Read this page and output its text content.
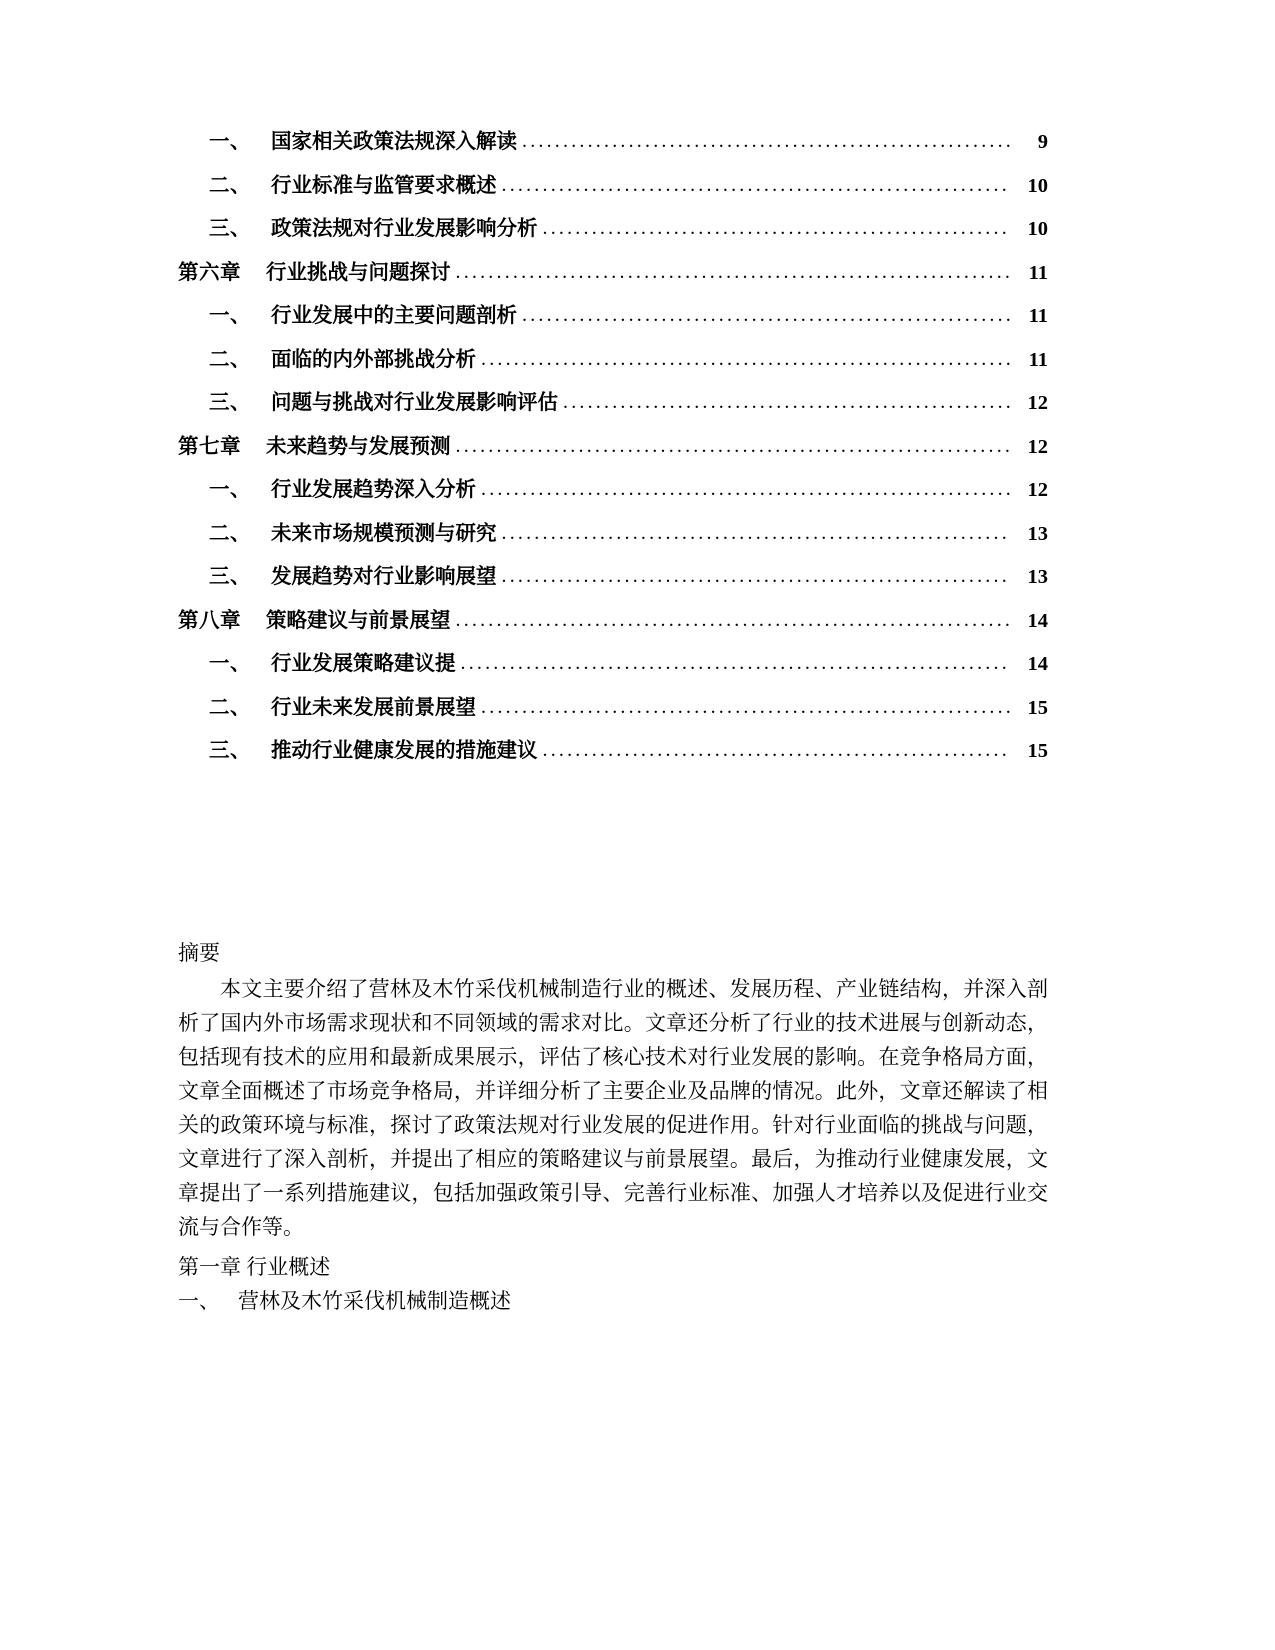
一、 国家相关政策法规深入解读 .....	9
二、 行业标准与监管要求概述 .....	10
三、 政策法规对行业发展影响分析 .....	10
第六章	行业挑战与问题探讨 .....	11
一、 行业发展中的主要问题剖析 .....	11
二、 面临的内外部挑战分析 .....	11
三、 问题与挑战对行业发展影响评估 .....	12
第七章	未来趋势与发展预测 .....	12
一、 行业发展趋势深入分析 .....	12
二、 未来市场规模预测与研究 .....	13
三、 发展趋势对行业影响展望 .....	13
第八章	策略建议与前景展望 .....	14
一、 行业发展策略建议提 .....	14
二、 行业未来发展前景展望 .....	15
三、 推动行业健康发展的措施建议 .....	15
摘要
本文主要介绍了营林及木竹采伐机械制造行业的概述、发展历程、产业链结构，并深入剖析了国内外市场需求现状和不同领域的需求对比。文章还分析了行业的技术进展与创新动态，包括现有技术的应用和最新成果展示，评估了核心技术对行业发展的影响。在竞争格局方面，文章全面概述了市场竞争格局，并详细分析了主要企业及品牌的情况。此外，文章还解读了相关的政策环境与标准，探讨了政策法规对行业发展的促进作用。针对行业面临的挑战与问题，文章进行了深入剖析，并提出了相应的策略建议与前景展望。最后，为推动行业健康发展，文章提出了一系列措施建议，包括加强政策引导、完善行业标准、加强人才培养以及促进行业交流与合作等。
第一章 行业概述
一、 营林及木竹采伐机械制造概述
